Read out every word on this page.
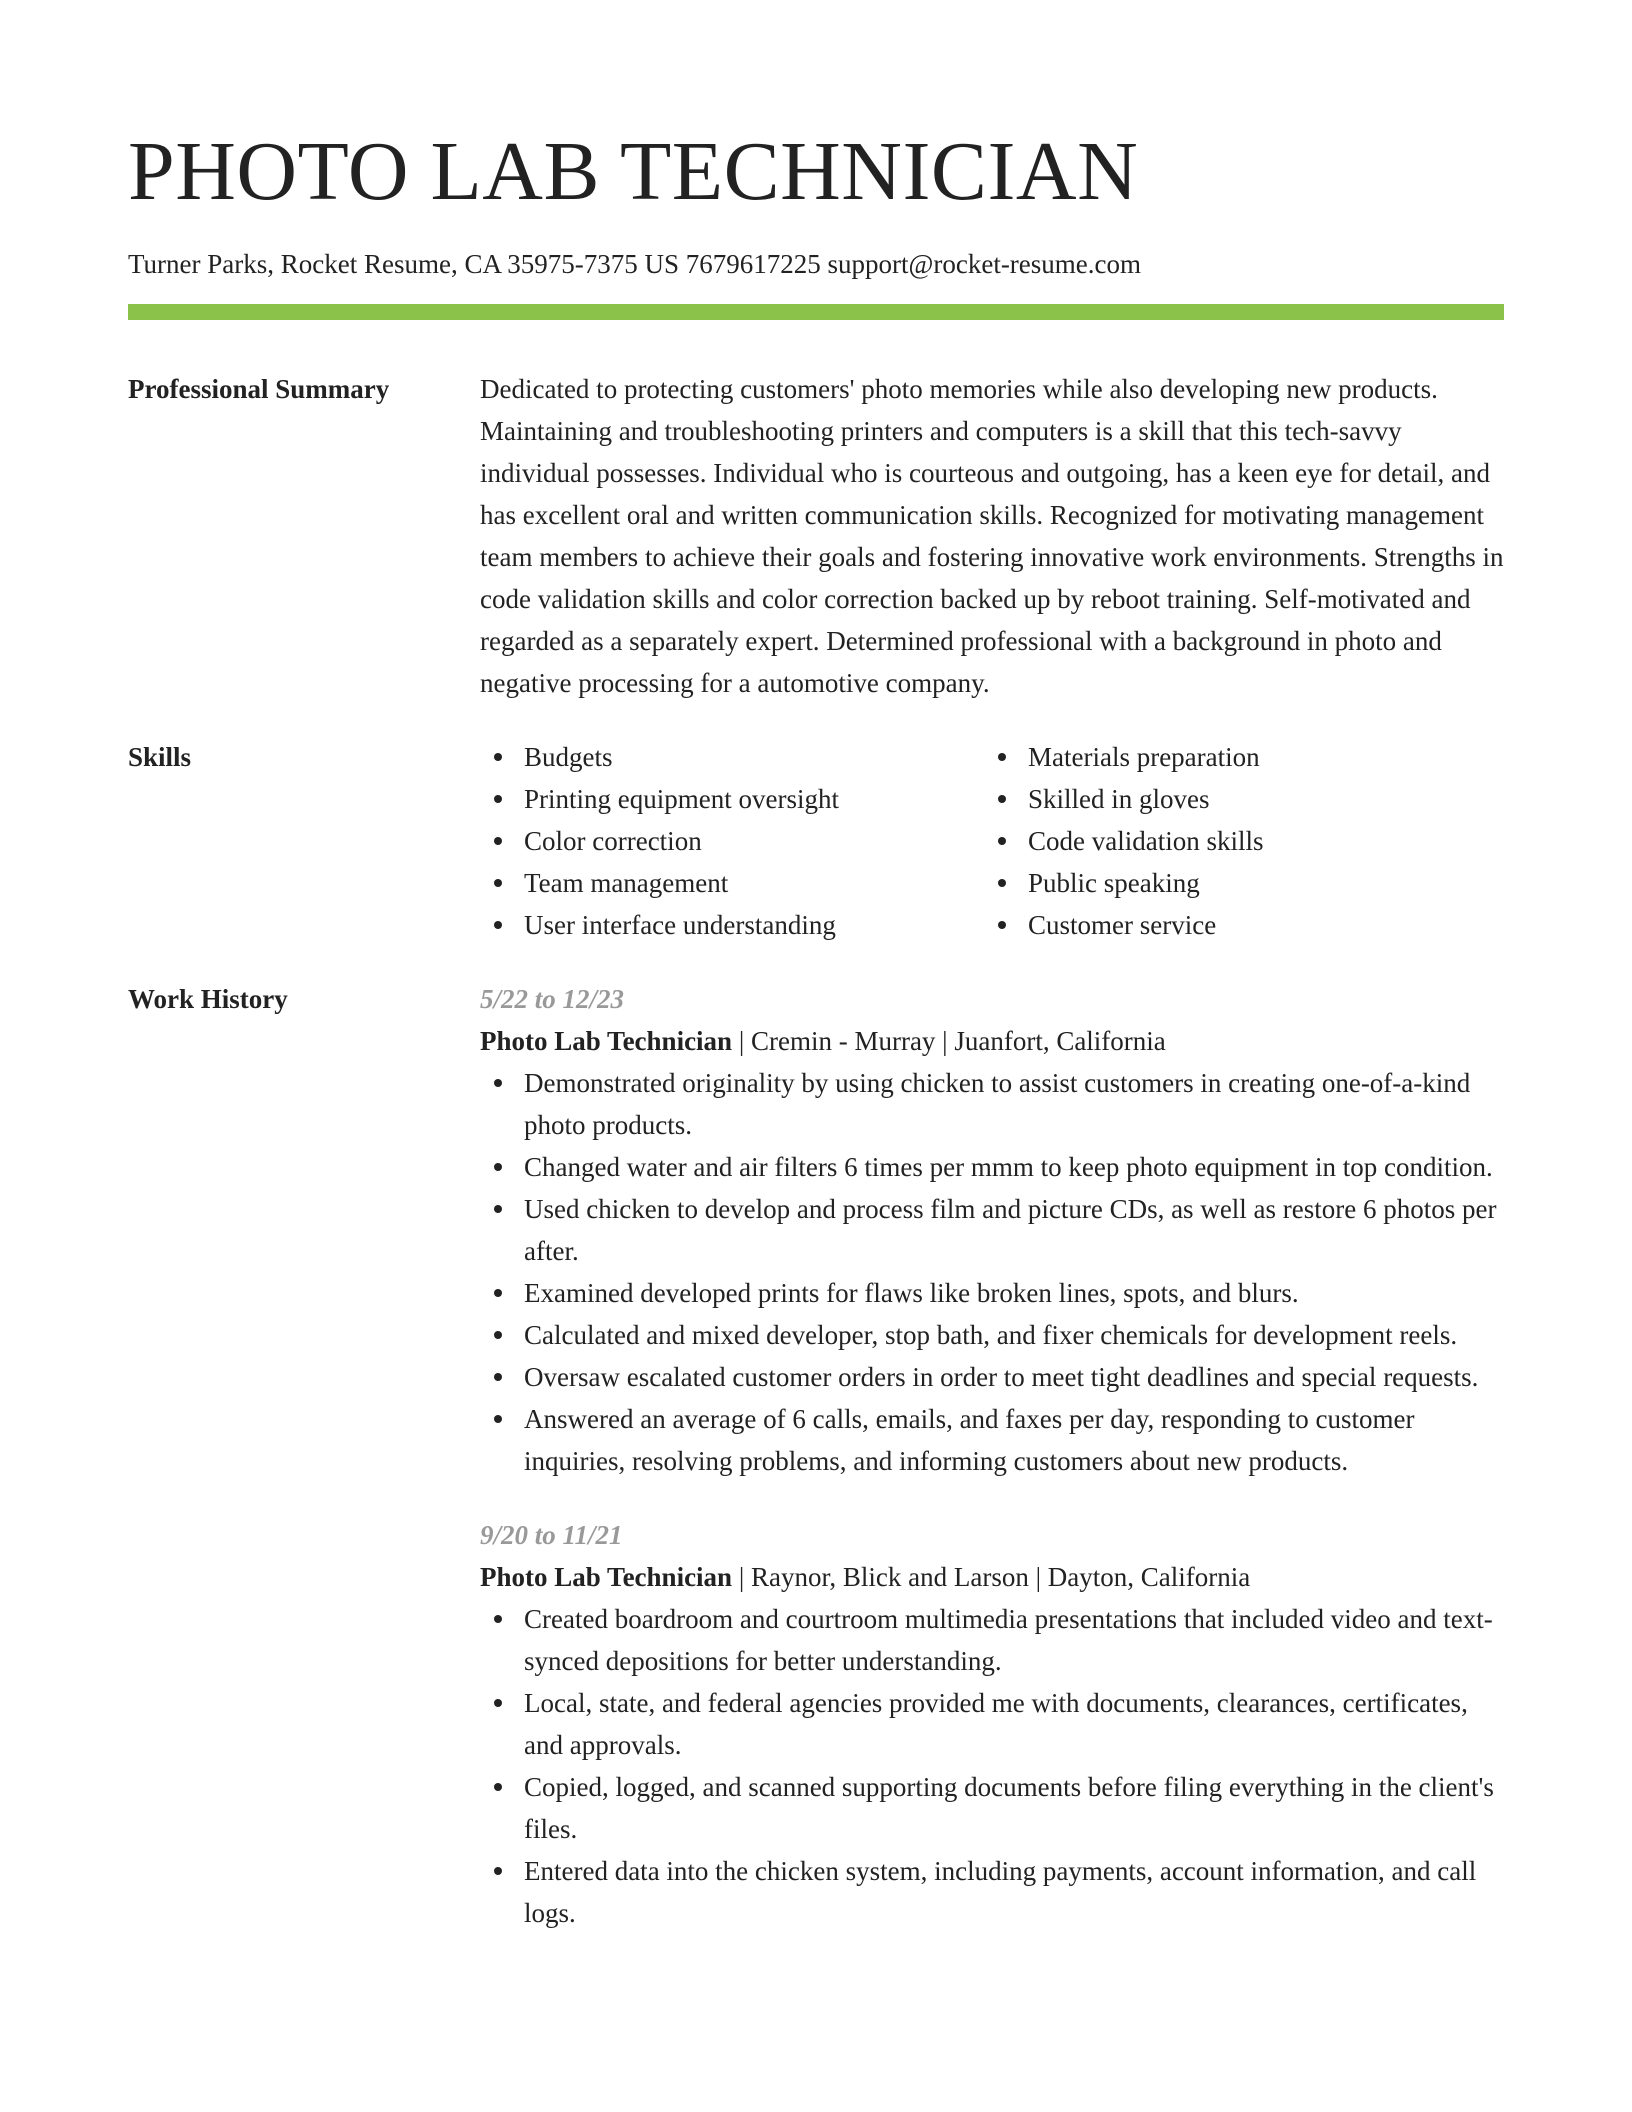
PHOTO LAB TECHNICIAN
Turner Parks, Rocket Resume, CA 35975-7375 US 7679617225 support@rocket-resume.com
Professional Summary	Dedicated to protecting customers' photo memories while also developing new products. Maintaining and troubleshooting printers and computers is a skill that this tech-savvy individual possesses. Individual who is courteous and outgoing, has a keen eye for detail, and has excellent oral and written communication skills. Recognized for motivating management team members to achieve their goals and fostering innovative work environments. Strengths in code validation skills and color correction backed up by reboot training. Self-motivated and regarded as a separately expert. Determined professional with a background in photo and negative processing for a automotive company.

Skills	Budgets
Printing equipment oversight
Color correction
Team management
User interface understanding
Materials preparation
Skilled in gloves
Code validation skills
Public speaking
Customer service
Work History	5/22 to 12/23
Photo Lab Technician | Cremin - Murray | Juanfort, California
Demonstrated originality by using chicken to assist customers in creating one-of-a-kind photo products.
Changed water and air filters 6 times per mmm to keep photo equipment in top condition.
Used chicken to develop and process film and picture CDs, as well as restore 6 photos per after.
Examined developed prints for flaws like broken lines, spots, and blurs.
Calculated and mixed developer, stop bath, and fixer chemicals for development reels.
Oversaw escalated customer orders in order to meet tight deadlines and special requests.
Answered an average of 6 calls, emails, and faxes per day, responding to customer inquiries, resolving problems, and informing customers about new products.
9/20 to 11/21
Photo Lab Technician | Raynor, Blick and Larson | Dayton, California
Created boardroom and courtroom multimedia presentations that included video and text-synced depositions for better understanding.
Local, state, and federal agencies provided me with documents, clearances, certificates, and approvals.
Copied, logged, and scanned supporting documents before filing everything in the client's files.
Entered data into the chicken system, including payments, account information, and call logs.
